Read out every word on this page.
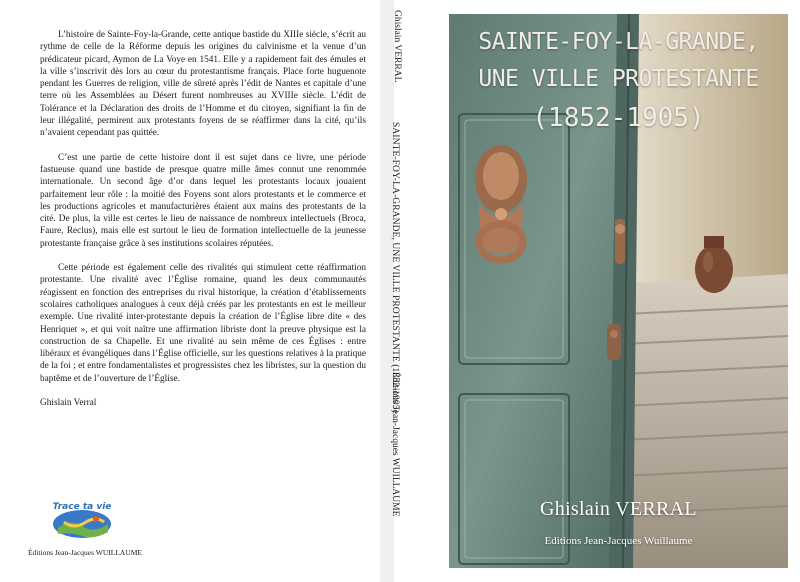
L’histoire de Sainte-Foy-la-Grande, cette antique bastide du XIIIe siècle, s’écrit au rythme de celle de la Réforme depuis les origines du calvinisme et la venue d’un prédicateur picard, Aymon de La Voye en 1541. Elle y a rapidement fait des émules et la ville s’inscrivit dès lors au cœur du protestantisme français. Place forte huguenote pendant les Guerres de religion, ville de sûreté après l’édit de Nantes et capitale d’une terre où les Assemblées au Désert furent nombreuses au XVIIIe siècle. L’édit de Tolérance et la Déclaration des droits de l’Homme et du citoyen, signifiant la fin de leur illégalité, permirent aux protestants foyens de se réaffirmer dans la cité, qu’ils n’avaient cependant pas quittée.

C’est une partie de cette histoire dont il est sujet dans ce livre, une période fastueuse quand une bastide de presque quatre mille âmes connut une renommée internationale. Un second âge d’or dans lequel les protestants locaux jouaient parfaitement leur rôle : la moitié des Foyens sont alors protestants et le commerce et les productions agricoles et manufacturières étaient aux mains des protestants de la cité. De plus, la ville est certes le lieu de naissance de nombreux intellectuels (Broca, Faure, Reclus), mais elle est surtout le lieu de formation intellectuelle de la jeunesse protestante française grâce à ses institutions scolaires réputées.

Cette période est également celle des rivalités qui stimulent cette réaffirmation protestante. Une rivalité avec l’Église romaine, quand les deux communautés réagissent en fonction des entreprises du rival historique, la création d’établissements scolaires catholiques analogues à ceux déjà créés par les protestants en est le meilleur exemple. Une rivalité inter-protestante depuis la création de l’Église libre dite « des Henriquet », et qui voit naître une affirmation libriste dont la preuve physique est la construction de sa Chapelle. Et une rivalité au sein même de ces Églises : entre libéraux et évangéliques dans l’Église officielle, sur les questions relatives à la pratique de la foi ; et entre fondamentalistes et progressistes chez les libristes, sur la question du baptême et de l’ouverture de l’Église.

Ghislain Verral

Trace ta vie
Éditions Jean-Jacques WUILLAUME
SAINTE-FOY-LA-GRANDE, UNE VILLE PROTESTANTE (1852-1905)
Éditions Jean-Jacques WUILLAUME
Ghislain VERRAL	SAINTE-FOY-LA-GRANDE,
UNE VILLE PROTESTANTE
(1852-1905)
Ghislain VERRAL
Editions Jean-Jacques Wuillaume
